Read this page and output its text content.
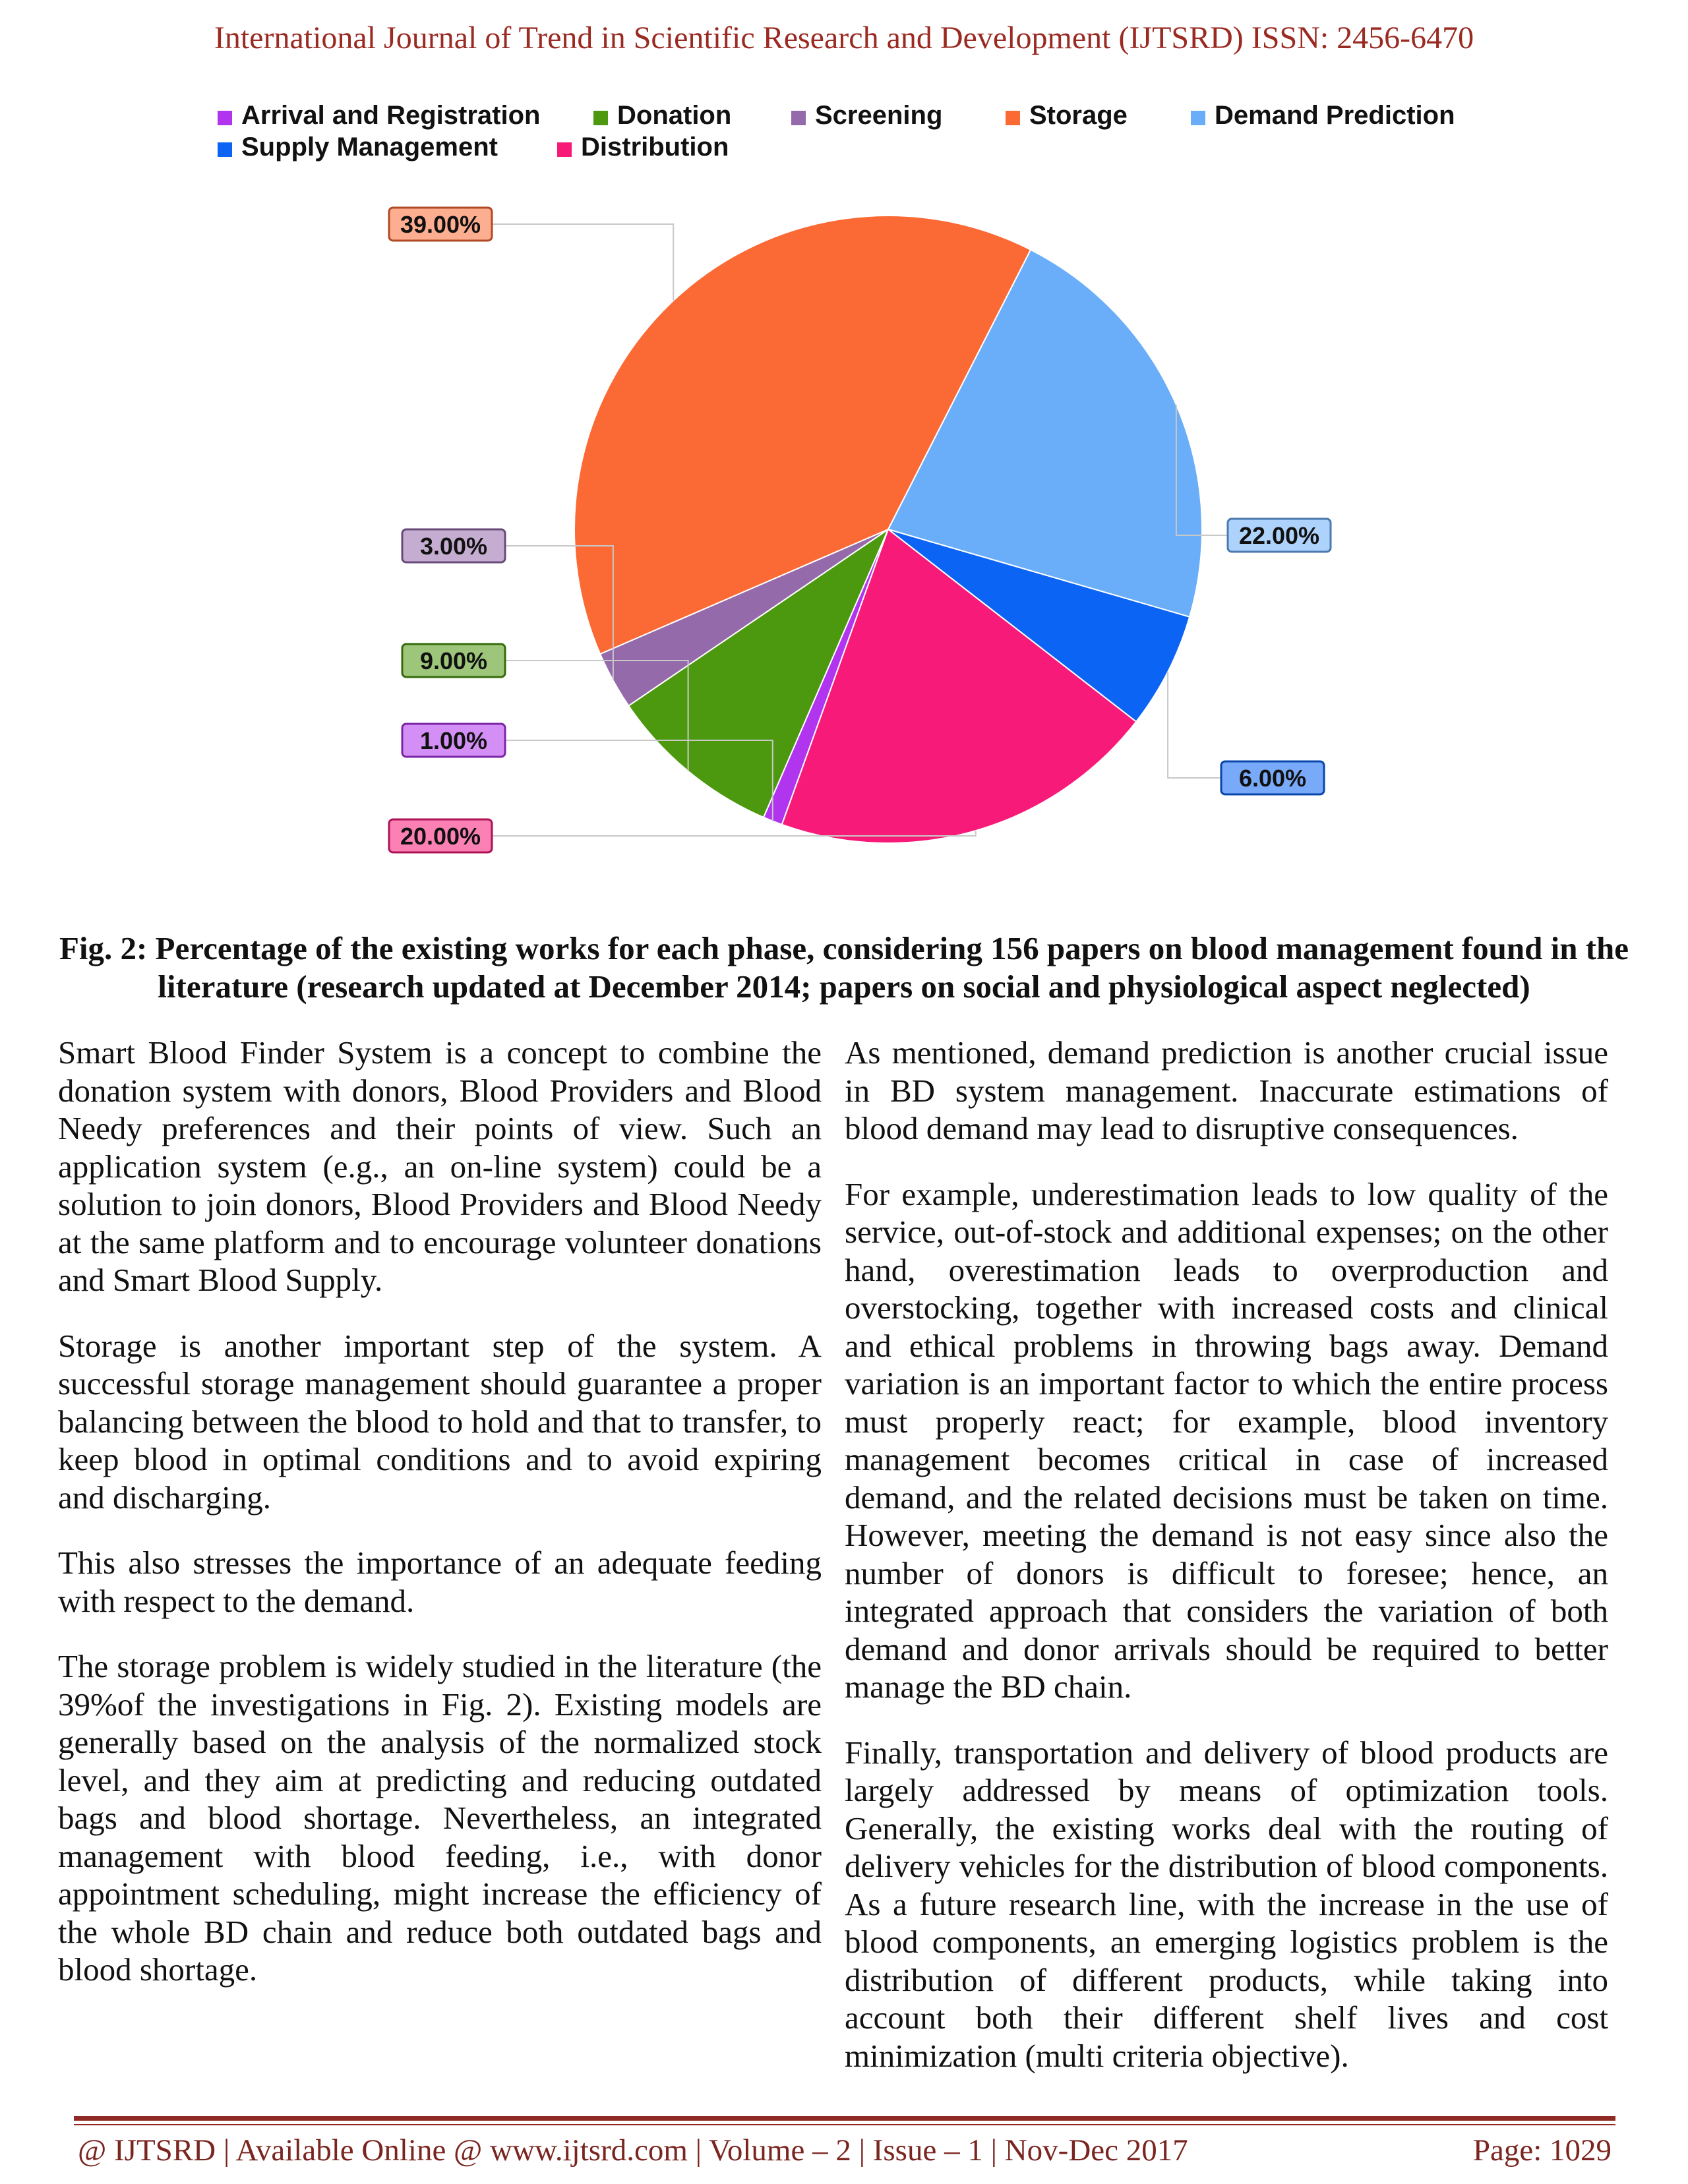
International Journal of Trend in Scientific Research and Development (IJTSRD) ISSN: 2456-6470
Arrival and Registration	Donation	Screening	Storage	Demand Prediction
Supply Management	Distribution
1.00%
9.00%
3.00%
39.00%
22.00%
6.00%
20.00%
Fig. 2: Percentage of the existing works for each phase, considering 156 papers on blood management found in the literature (research updated at December 2014; papers on social and physiological aspect neglected)

Smart Blood Finder System is a concept to combine the donation system with donors, Blood Providers and Blood Needy preferences and their points of view. Such an application system (e.g., an on-line system) could be a solution to join donors, Blood Providers and Blood Needy at the same platform and to encourage volunteer donations and Smart Blood Supply.

Storage is another important step of the system. A successful storage management should guarantee a proper balancing between the blood to hold and that to transfer, to keep blood in optimal conditions and to avoid expiring and discharging.

This also stresses the importance of an adequate feeding with respect to the demand.

The storage problem is widely studied in the literature (the 39%of the investigations in Fig. 2). Existing models are generally based on the analysis of the normalized stock level, and they aim at predicting and reducing outdated bags and blood shortage. Nevertheless, an integrated management with blood feeding, i.e., with donor appointment scheduling, might increase the efficiency of the whole BD chain and reduce both outdated bags and blood shortage.

As mentioned, demand prediction is another crucial issue in BD system management. Inaccurate estimations of blood demand may lead to disruptive consequences.

For example, underestimation leads to low quality of the service, out-of-stock and additional expenses; on the other hand, overestimation leads to overproduction and overstocking, together with increased costs and clinical and ethical problems in throwing bags away. Demand variation is an important factor to which the entire process must properly react; for example, blood inventory management becomes critical in case of increased demand, and the related decisions must be taken on time. However, meeting the demand is not easy since also the number of donors is difficult to foresee; hence, an integrated approach that considers the variation of both demand and donor arrivals should be required to better manage the BD chain.

Finally, transportation and delivery of blood products are largely addressed by means of optimization tools. Generally, the existing works deal with the routing of delivery vehicles for the distribution of blood components. As a future research line, with the increase in the use of blood components, an emerging logistics problem is the distribution of different products, while taking into account both their different shelf lives and cost minimization (multi criteria objective).

@ IJTSRD | Available Online @ www.ijtsrd.com | Volume – 2 | Issue – 1 | Nov-Dec 2017	Page: 1029
